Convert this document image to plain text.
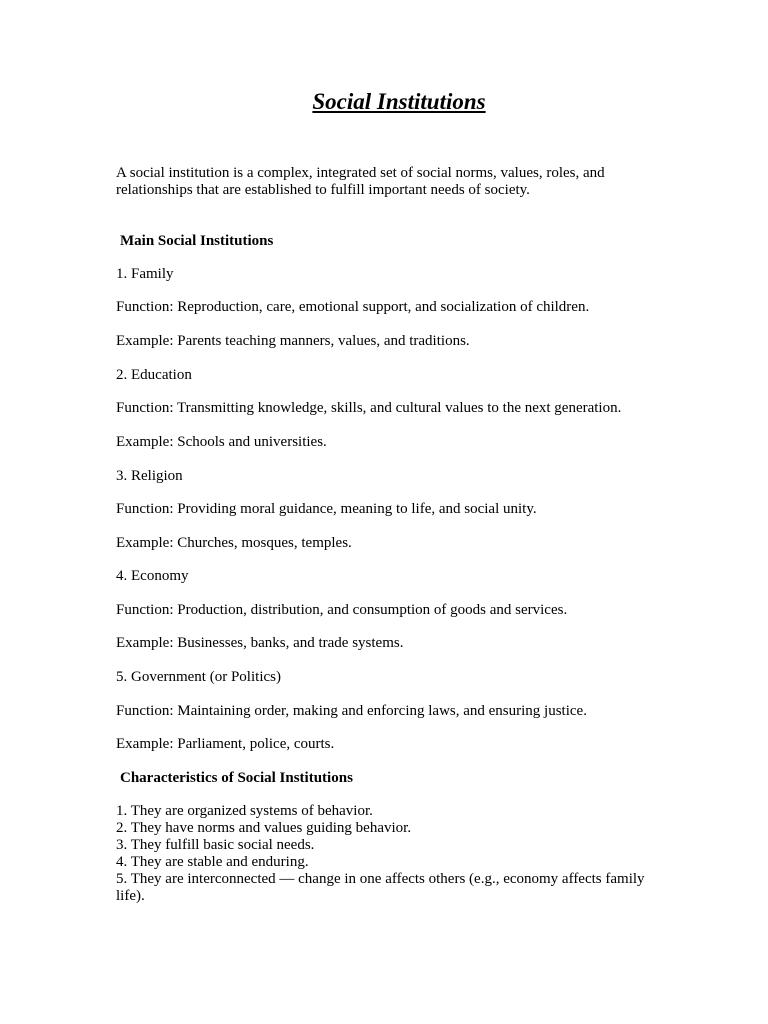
Social Institutions
A social institution is a complex, integrated set of social norms, values, roles, and relationships that are established to fulfill important needs of society.
Main Social Institutions
1. Family
Function: Reproduction, care, emotional support, and socialization of children.
Example: Parents teaching manners, values, and traditions.
2. Education
Function: Transmitting knowledge, skills, and cultural values to the next generation.
Example: Schools and universities.
3. Religion
Function: Providing moral guidance, meaning to life, and social unity.
Example: Churches, mosques, temples.
4. Economy
Function: Production, distribution, and consumption of goods and services.
Example: Businesses, banks, and trade systems.
5. Government (or Politics)
Function: Maintaining order, making and enforcing laws, and ensuring justice.
Example: Parliament, police, courts.
Characteristics of Social Institutions
1. They are organized systems of behavior.
2. They have norms and values guiding behavior.
3. They fulfill basic social needs.
4. They are stable and enduring.
5. They are interconnected — change in one affects others (e.g., economy affects family life).
